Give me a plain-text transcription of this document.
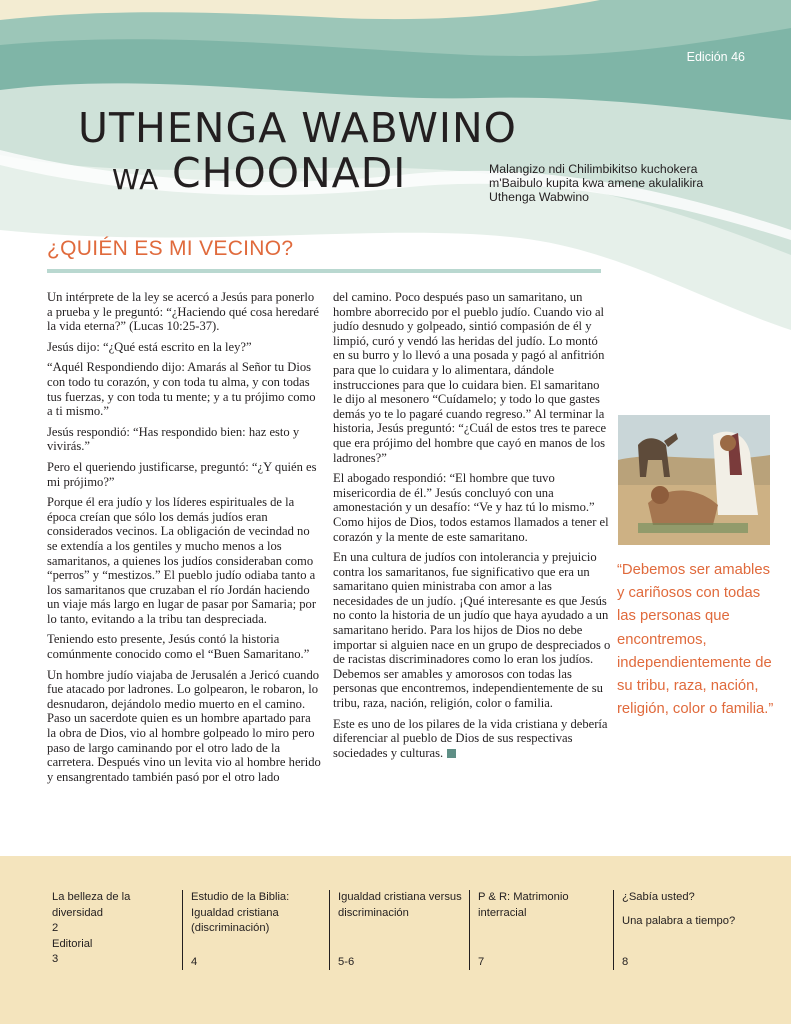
Edición 46
UTHENGA WABWINO
WA CHOONADI	Malangizo ndi Chilimbikitso kuchokera m'Baibulo kupita kwa amene akulalikira Uthenga Wabwino
¿QUIÉN ES MI VECINO?

Un intérprete de la ley se acercó a Jesús para ponerlo a prueba y le preguntó: “¿Haciendo qué cosa heredaré la vida eterna?” (Lucas 10:25-37).

Jesús dijo: “¿Qué está escrito en la ley?”

“Aquél Respondiendo dijo: Amarás al Señor tu Dios con todo tu corazón, y con toda tu alma, y con todas tus fuerzas, y con toda tu mente; y a tu prójimo como a ti mismo.”

Jesús respondió: “Has respondido bien: haz esto y vivirás.”

Pero el queriendo justificarse, preguntó: “¿Y quién es mi prójimo?”

Porque él era judío y los líderes espirituales de la época creían que sólo los demás judíos eran considerados vecinos. La obligación de vecindad no se extendía a los gentiles y mucho menos a los samaritanos, a quienes los judíos consideraban como “perros” y “mestizos.” El pueblo judío odiaba tanto a los samaritanos que cruzaban el río Jordán haciendo un viaje más largo en lugar de pasar por Samaria; por lo tanto, evitando a la tribu tan despreciada.

Teniendo esto presente, Jesús contó la historia comúnmente conocido como el “Buen Samaritano.”

Un hombre judío viajaba de Jerusalén a Jericó cuando fue atacado por ladrones. Lo golpearon, le robaron, lo desnudaron, dejándolo medio muerto en el camino. Paso un sacerdote quien es un hombre apartado para la obra de Dios, vio al hombre golpeado lo miro pero paso de largo caminando por el otro lado de la carretera. Después vino un levita vio al hombre herido y ensangrentado también pasó por el otro lado

del camino. Poco después paso un samaritano, un hombre aborrecido por el pueblo judío. Cuando vio al judío desnudo y golpeado, sintió compasión de él y limpió, curó y vendó las heridas del judío. Lo montó en su burro y lo llevó a una posada y pagó al anfitrión para que lo cuidara y lo alimentara, dándole instrucciones para que lo cuidara bien. El samaritano le dijo al mesonero “Cuídamelo; y todo lo que gastes demás yo te lo pagaré cuando regreso.” Al terminar la historia, Jesús preguntó: “¿Cuál de estos tres te parece que era prójimo del hombre que cayó en manos de los ladrones?”

El abogado respondió: “El hombre que tuvo misericordia de él.” Jesús concluyó con una amonestación y un desafío: “Ve y haz tú lo mismo.” Como hijos de Dios, todos estamos llamados a tener el corazón y la mente de este samaritano.

En una cultura de judíos con intolerancia y prejuicio contra los samaritanos, fue significativo que era un samaritano quien ministraba con amor a las necesidades de un judío. ¡Qué interesante es que Jesús no conto la historia de un judío que haya ayudado a un samaritano herido. Para los hijos de Dios no debe importar si alguien nace en un grupo de despreciados o de racistas discriminadores como lo eran los judíos. Debemos ser amables y amorosos con todas las personas que encontremos, independientemente de su tribu, raza, nación, religión, color o familia.

Este es uno de los pilares de la vida cristiana y debería diferenciar al pueblo de Dios de sus respectivas sociedades y culturas.

“Debemos ser amables y cariñosos con todas las personas que encontremos, independientemente de su tribu, raza, nación, religión, color o familia.”
La belleza de la diversidad
2
Editorial
3
Estudio de la Biblia: Igualdad cristiana (discriminación)
4
Igualdad cristiana versus discriminación
5-6
P & R: Matrimonio interracial
7
¿Sabía usted?
Una palabra a tiempo?
8
